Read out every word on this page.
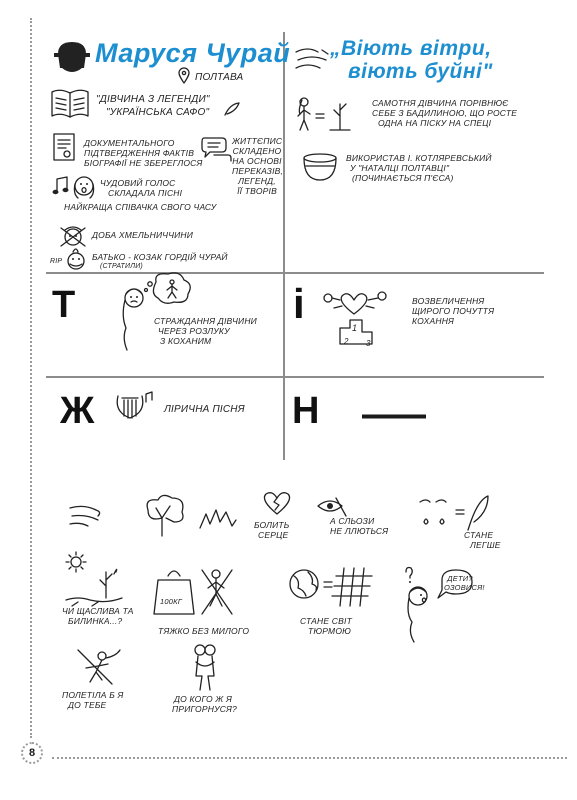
8
Маруся Чурай
ПОЛТАВА
"ДІВЧИНА З ЛЕГЕНДИ"
"УКРАЇНСЬКА САФО"
ДОКУМЕНТАЛЬНОГО
ПІДТВЕРДЖЕННЯ ФАКТІВ
БІОГРАФІЇ НЕ ЗБЕРЕГЛОСЯ
ЖИТТЄПИС
СКЛАДЕНО
НА ОСНОВІ
ПЕРЕКАЗІВ,
ЛЕГЕНД,
ЇЇ ТВОРІВ
ЧУДОВИЙ ГОЛОС
СКЛАДАЛА ПІСНІ
НАЙКРАЩА СПІВАЧКА СВОГО ЧАСУ
ДОБА ХМЕЛЬНИЧЧИНИ
RIP	БАТЬКО - КОЗАК ГОРДІЙ ЧУРАЙ
(СТРАТИЛИ)
„Віють вітри,
віють буйні"
САМОТНЯ ДІВЧИНА ПОРІВНЮЄ
СЕБЕ З БАДИЛИНОЮ, ЩО РОСТЕ
ОДНА НА ПІСКУ НА СПЕЦІ
ВИКОРИСТАВ І. КОТЛЯРЕВСЬКИЙ
У "НАТАЛЦІ ПОЛТАВЦІ"
(ПОЧИНАЄТЬСЯ П'ЄСА)
Т	СТРАЖДАННЯ ДІВЧИНИ
ЧЕРЕЗ РОЗЛУКУ
З КОХАНИМ
і
1
2 3
ВОЗВЕЛИЧЕННЯ
ЩИРОГО ПОЧУТТЯ
КОХАННЯ
Ж	ЛІРИЧНА ПІСНЯ Н —
БОЛИТЬ
СЕРЦЕ
А СЛЬОЗИ
НЕ ЛЛЮТЬСЯ	СТАНЕ
ЛЕГШЕ
ЧИ ЩАСЛИВА ТА
БИЛИНКА...?
100КГ
ТЯЖКО БЕЗ МИЛОГО
СТАНЕ СВІТ
ТЮРМОЮ
ДЕТИ?
ОЗОВИСЯ!
ПОЛЕТІЛА Б Я
ДО ТЕБЕ
ДО КОГО Ж Я
ПРИГОРНУСЯ?
